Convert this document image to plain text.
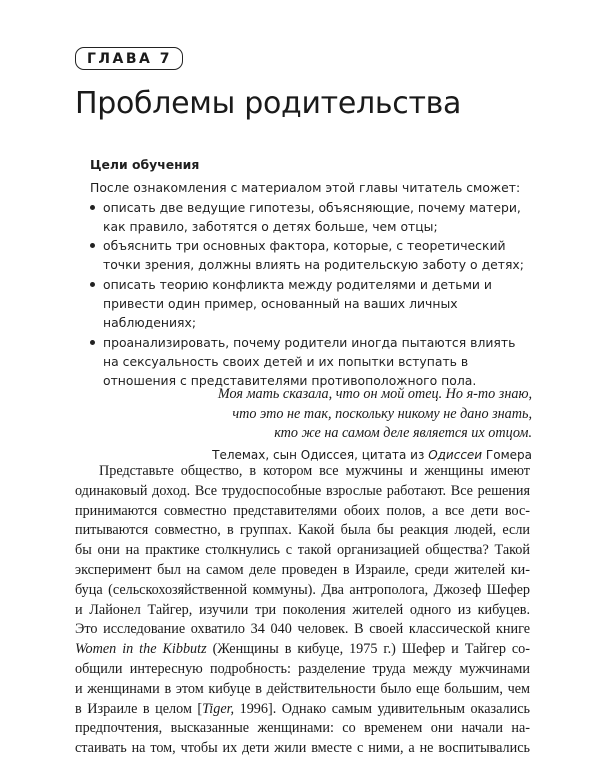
ГЛАВА 7
Проблемы родительства

Цели обучения

После ознакомления с материалом этой главы читатель сможет:

описать две ведущие гипотезы, объясняющие, почему матери, как правило, заботятся о детях больше, чем отцы;
объяснить три основных фактора, которые, с теоретический точки зрения, должны влиять на родительскую заботу о детях;
описать теорию конфликта между родителями и детьми и привести один пример, основанный на ваших личных наблюдениях;
проанализировать, почему родители иногда пытаются влиять на сексуальность своих детей и их попытки вступать в отношения с представителями противоположного пола.

Моя мать сказала, что он мой отец. Но я-то знаю,
что это не так, поскольку никому не дано знать,
кто же на самом деле является их отцом.

Телемах, сын Одиссея, цитата из Одиссеи Гомера

Представьте общество, в котором все мужчины и женщины имеют
одинаковый доход. Все трудоспособные взрослые работают. Все решения
принимаются совместно представителями обоих полов, а все дети вос-
питываются совместно, в группах. Какой была бы реакция людей, если
бы они на практике столкнулись с такой организацией общества? Такой
эксперимент был на самом деле проведен в Израиле, среди жителей ки-
буца (сельскохозяйственной коммуны). Два антрополога, Джозеф Шефер
и Лайонел Тайгер, изучили три поколения жителей одного из кибуцев.
Это исследование охватило 34 040 человек. В своей классической книге
Women in the Kibbutz (Женщины в кибуце, 1975 г.) Шефер и Тайгер со-
общили интересную подробность: разделение труда между мужчинами
и женщинами в этом кибуце в действительности было еще большим, чем
в Израиле в целом [Tiger, 1996]. Однако самым удивительным оказались
предпочтения, высказанные женщинами: со временем они начали на-
стаивать на том, чтобы их дети жили вместе с ними, а не воспитывались
